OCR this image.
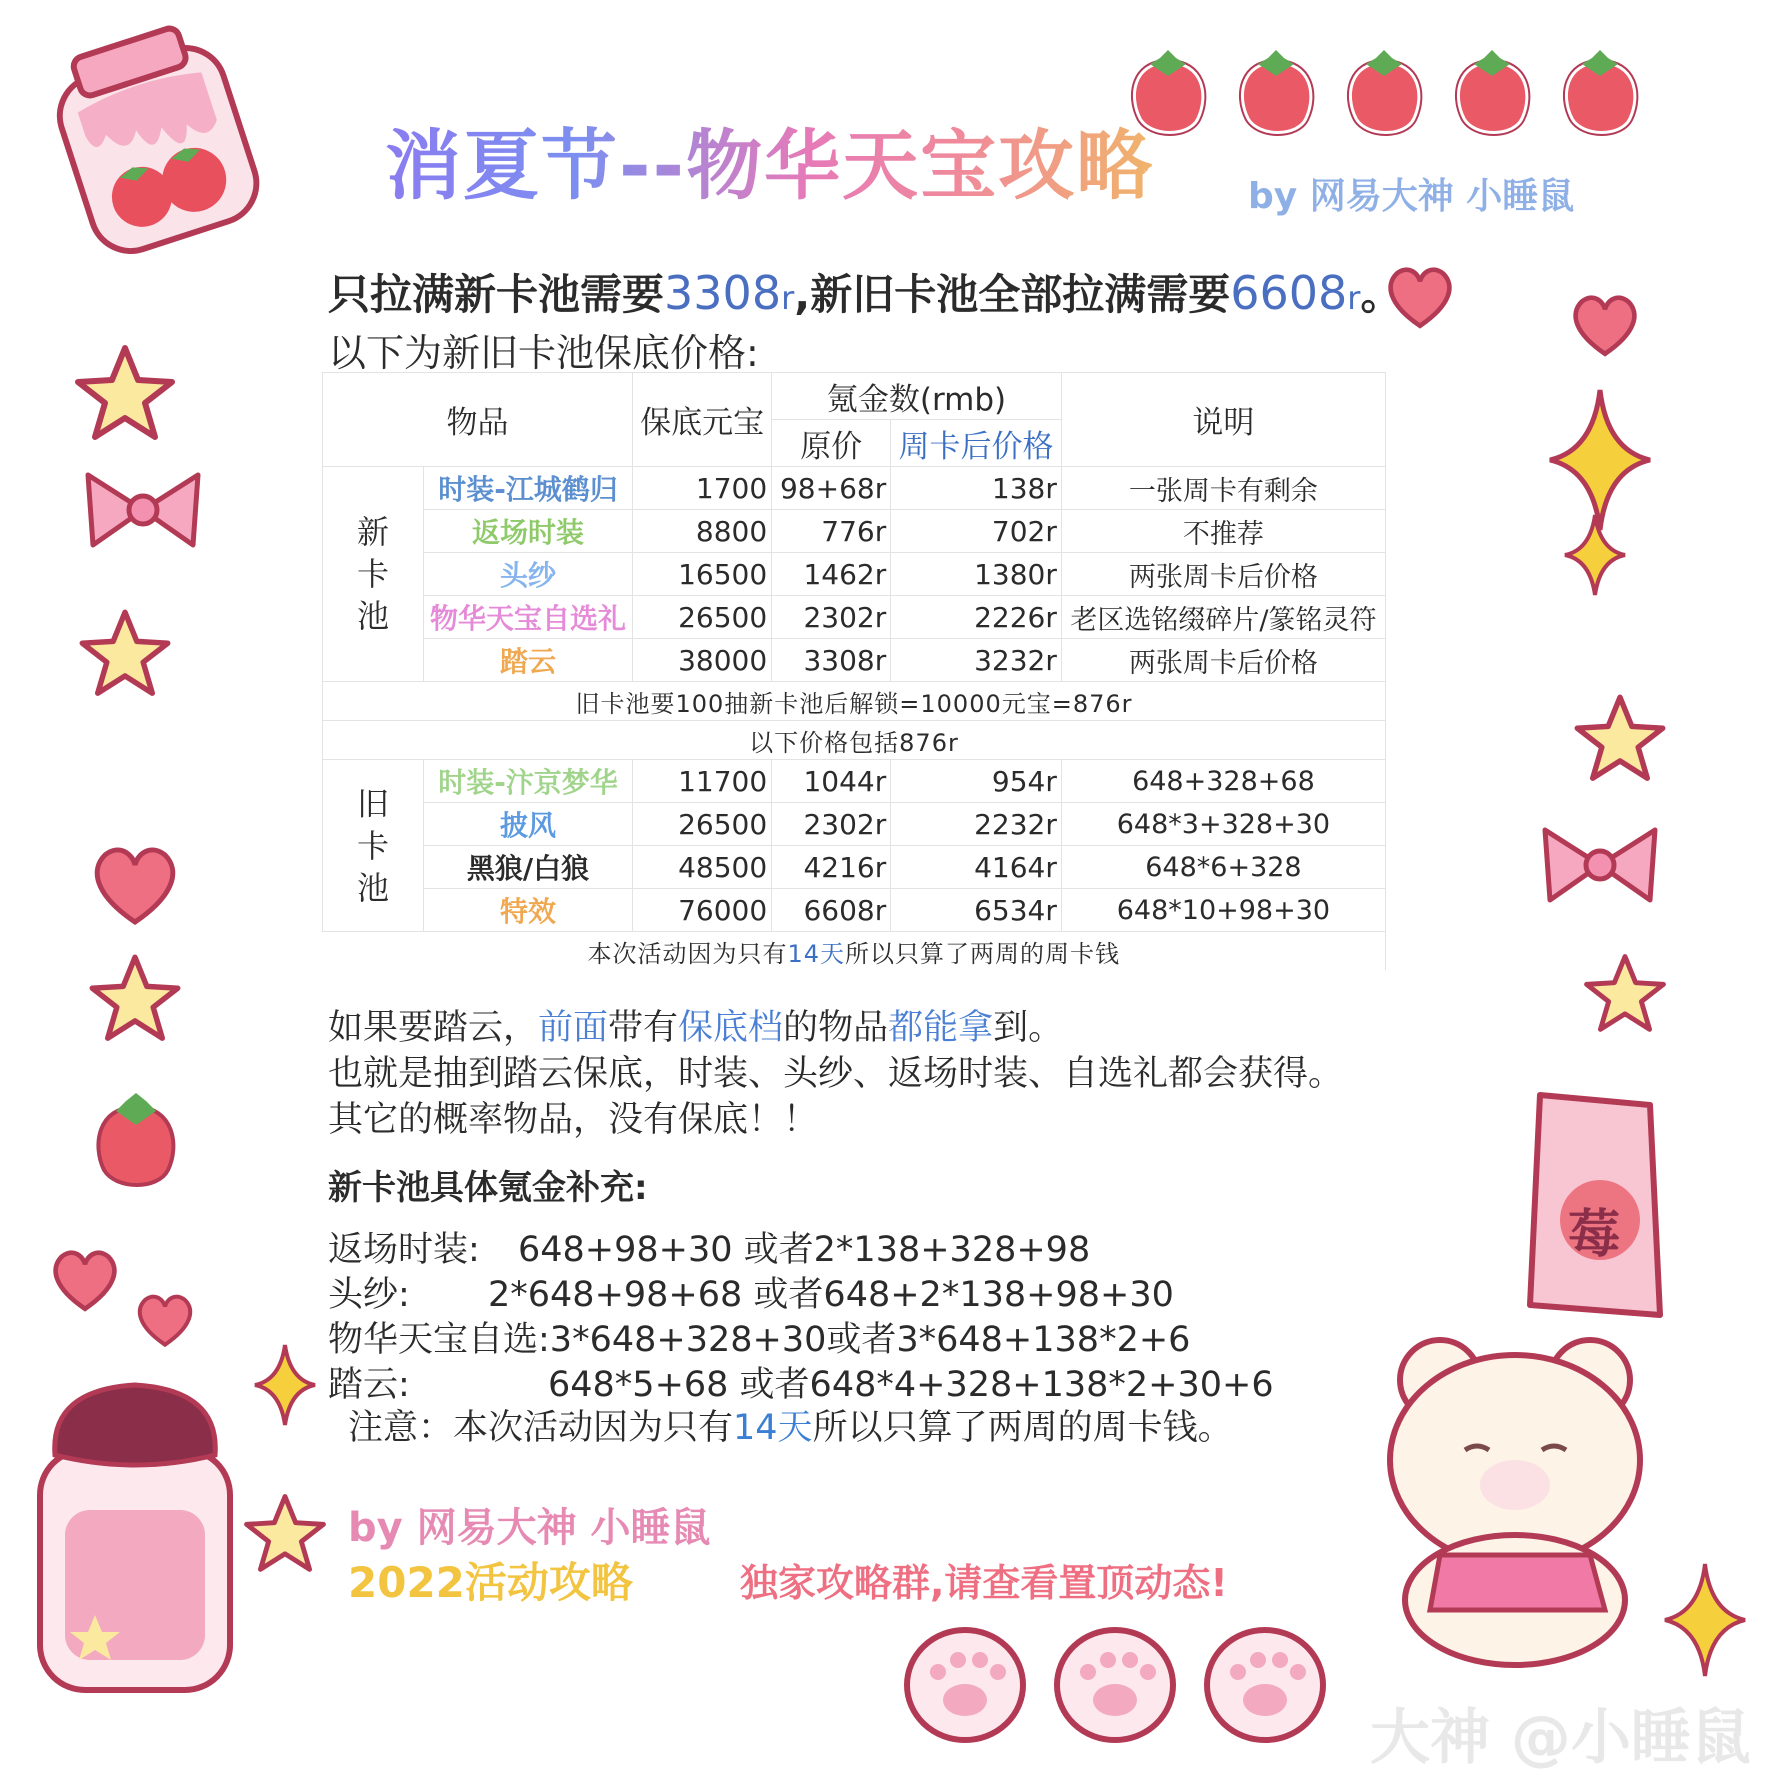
莓
消夏节--物华天宝攻略	by 网易大神 小睡鼠
只拉满新卡池需要3308r,新旧卡池全部拉满需要6608r。
以下为新旧卡池保底价格:
物品		保底元宝	氪金数(rmb)		说明
			原价	周卡后价格	

新
卡
池	时装-江城鹤归	1700	98+68r	138r	一张周卡有剩余
	返场时装	8800	776r	702r	不推荐
	头纱	16500	1462r	1380r	两张周卡后价格
	物华天宝自选礼	26500	2302r	2226r	老区选铭缀碎片/篆铭灵符
	踏云	38000	3308r	3232r	两张周卡后价格
旧卡池要100抽新卡池后解锁=10000元宝=876r					
以下价格包括876r					

旧
卡
池	时装-汴京梦华	11700	1044r	954r	648+328+68
	披风	26500	2302r	2232r	648*3+328+30
	黑狼/白狼	48500	4216r	4164r	648*6+328
	特效	76000	6608r	6534r	648*10+98+30
本次活动因为只有14天所以只算了两周的周卡钱					
如果要踏云，前面带有保底档的物品都能拿到。
也就是抽到踏云保底，时装、头纱、返场时装、自选礼都会获得。
其它的概率物品，没有保底！！
新卡池具体氪金补充:
返场时装: 648+98+30 或者2*138+328+98
头纱: 2*648+98+68 或者648+2*138+98+30
物华天宝自选:3*648+328+30或者3*648+138*2+6
踏云:	648*5+68 或者648*4+328+138*2+30+6
注意：本次活动因为只有14天所以只算了两周的周卡钱。
by 网易大神 小睡鼠
2022活动攻略	独家攻略群,请查看置顶动态!
大神 @小睡鼠
